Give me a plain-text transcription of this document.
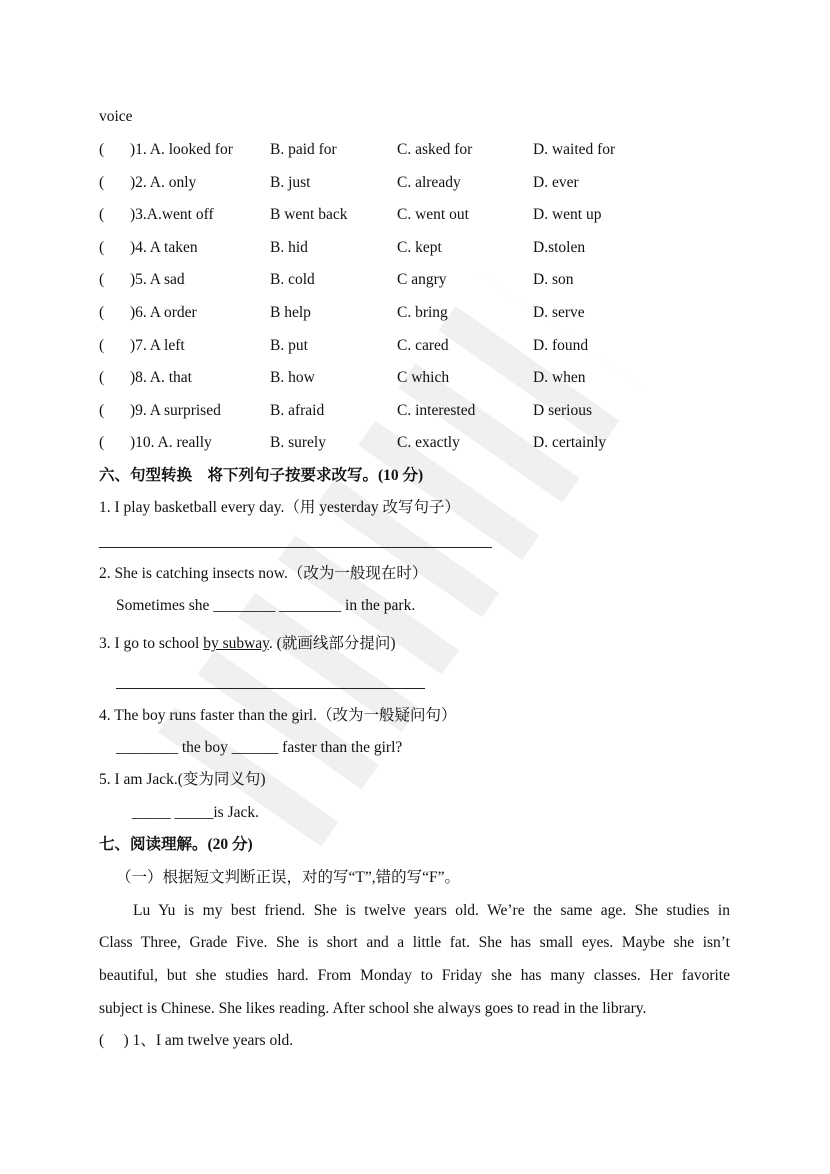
voice
( )1. A. looked for B. paid for	C. asked for	D. waited for
( )2. A. only	B. just	C. already	D. ever
( )3.A.went off	B went back	C. went out	D. went up
( )4. A taken	B. hid	C. kept	D.stolen
( )5. A sad	B. cold	C angry	D. son
( )6. A order	B help	C. bring	D. serve
( )7. A left	B. put	C. cared	D. found
( )8. A. that	B. how	C which	D. when
( )9. A surprised	B. afraid	C. interested	D serious
( )10. A. really	B. surely	C. exactly	D. certainly
六、句型转换　将下列句子按要求改写。(10 分)
1. I play basketball every day.（用 yesterday 改写句子）
2. She is catching insects now.（改为一般现在时）
Sometimes she ________ ________ in the park.
3. I go to school by subway. (就画线部分提问)
4. The boy runs faster than the girl.（改为一般疑问句）
________ the boy ______ faster than the girl?
5. I am Jack.(变为同义句)
_____ _____is Jack.
七、阅读理解。(20 分)
（一）根据短文判断正误，对的写“T”,错的写“F”。
Lu Yu is my best friend. She is twelve years old. We’re the same age. She studies in
Class Three, Grade Five. She is short and a little fat. She has small eyes. Maybe she isn’t
beautiful, but she studies hard. From Monday to Friday she has many classes. Her favorite
subject is Chinese. She likes reading. After school she always goes to read in the library.
(　 ) 1、I am twelve years old.
